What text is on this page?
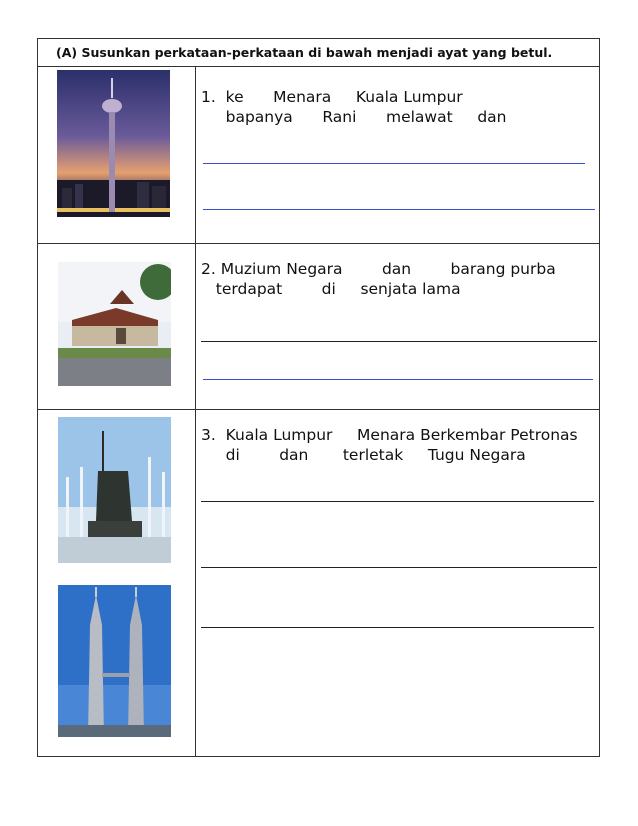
(A) Susunkan perkataan-perkataan di bawah menjadi ayat yang betul.
1.  ke      Menara     Kuala Lumpur
bapanya      Rani      melawat     dan
2. Muzium Negara        dan        barang purba
terdapat        di     senjata lama
3.  Kuala Lumpur     Menara Berkembar Petronas
di        dan       terletak     Tugu Negara
